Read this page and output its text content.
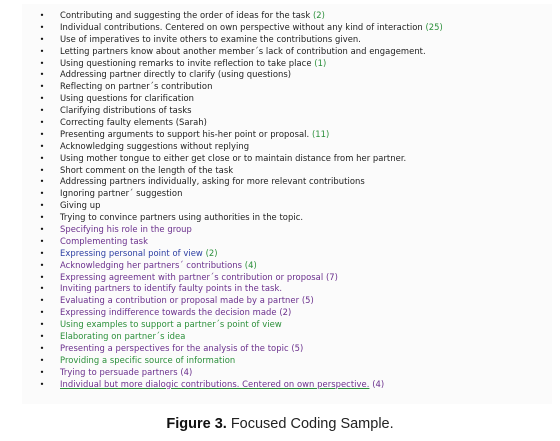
•	Contributing and suggesting the order of ideas for the task (2)
•	Individual contributions. Centered on own perspective without any kind of interaction (25)
•	Use of imperatives to invite others to examine the contributions given.
•	Letting partners know about another member´s lack of contribution and engagement.
•	Using questioning remarks to invite reflection to take place (1)
•	Addressing partner directly to clarify (using questions)
•	Reflecting on partner´s contribution
•	Using questions for clarification
•	Clarifying distributions of tasks
•	Correcting faulty elements (Sarah)
•	Presenting arguments to support his-her point or proposal. (11)
•	Acknowledging suggestions without replying
•	Using mother tongue to either get close or to maintain distance from her partner.
•	Short comment on the length of the task
•	Addressing partners individually, asking for more relevant contributions
•	Ignoring partner´ suggestion
•	Giving up
•	Trying to convince partners using authorities in the topic.
•	Specifying his role in the group
•	Complementing task
•	Expressing personal point of view (2)
•	Acknowledging her partners´ contributions (4)
•	Expressing agreement with partner´s contribution or proposal (7)
•	Inviting partners to identify faulty points in the task.
•	Evaluating a contribution or proposal made by a partner (5)
•	Expressing indifference towards the decision made (2)
•	Using examples to support a partner´s point of view
•	Elaborating on partner´s idea
•	Presenting a perspectives for the analysis of the topic (5)
•	Providing a specific source of information
•	Trying to persuade partners (4)
•	Individual but more dialogic contributions. Centered on own perspective. (4)
Figure 3. Focused Coding Sample.
